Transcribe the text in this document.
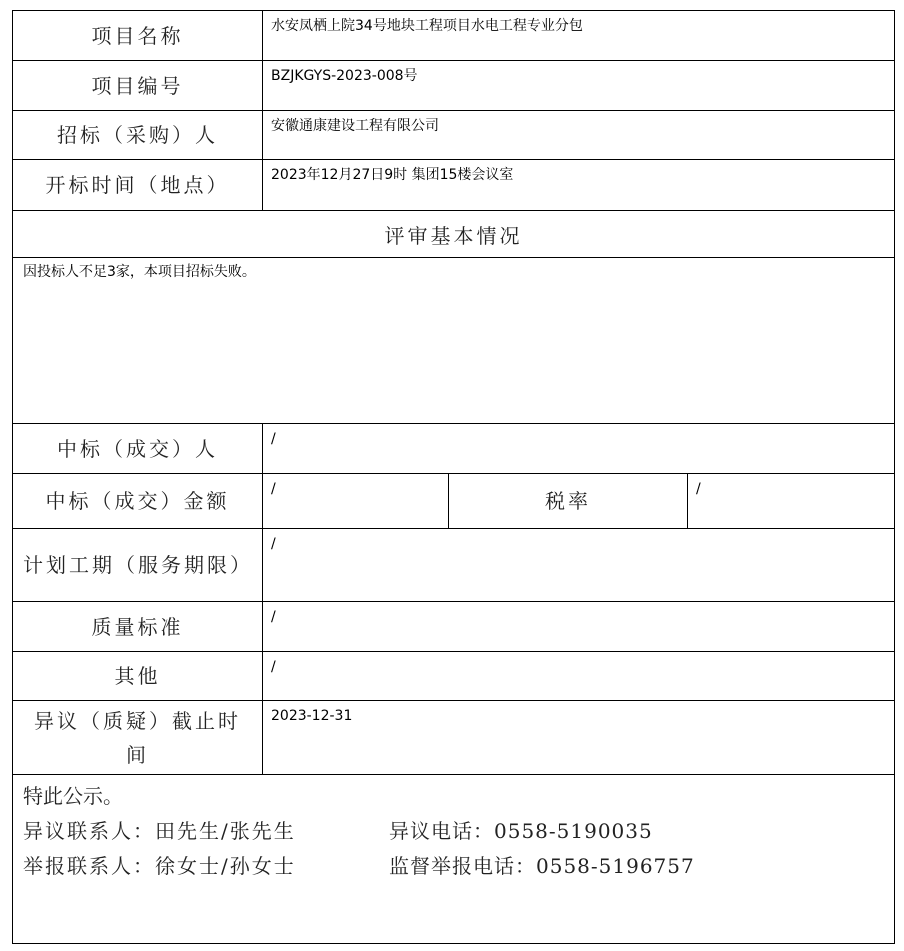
项目名称	水安凤栖上院34号地块工程项目水电工程专业分包		
项目编号	BZJKGYS-2023-008号		
招标（采购）人	安徽通康建设工程有限公司		
开标时间（地点）	2023年12月27日9时 集团15楼会议室		
评审基本情况			
因投标人不足3家，本项目招标失败。			
中标（成交）人	/		
中标（成交）金额	/	税率	/
计划工期（服务期限）	/		
质量标准	/		
其他	/		
异议（质疑）截止时间	2023-12-31		

特此公示。
异议联系人：田先生/张先生 异议电话：0558-5190035
举报联系人：徐女士/孙女士 监督举报电话：0558-5196757			
